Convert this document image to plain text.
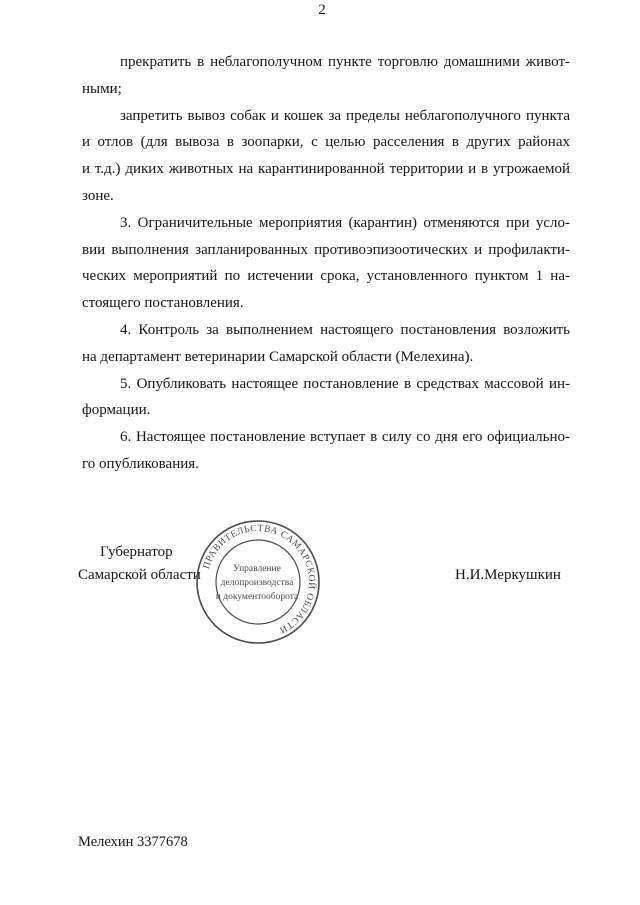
2
прекратить в неблагополучном пункте торговлю домашними живот-
ными;
запретить вывоз собак и кошек за пределы неблагополучного пункта
и отлов (для вывоза в зоопарки, с целью расселения в других районах
и т.д.) диких животных на карантинированной территории и в угрожаемой
зоне.
3. Ограничительные мероприятия (карантин) отменяются при усло-
вии выполнения запланированных противоэпизоотических и профилакти-
ческих мероприятий по истечении срока, установленного пунктом 1 на-
стоящего постановления.
4. Контроль за выполнением настоящего постановления возложить
на департамент ветеринарии Самарской области (Мелехина).
5. Опубликовать настоящее постановление в средствах массовой ин-
формации.
6. Настоящее постановление вступает в силу со дня его официально-
го опубликования.
Губернатор
Самарской области	Н.И.Меркушкин
ПРАВИТЕЛЬСТВА САМАРСКОЙ ОБЛАСТИ
Управление
делопроизводства
и документооборота
Мелехин 3377678
